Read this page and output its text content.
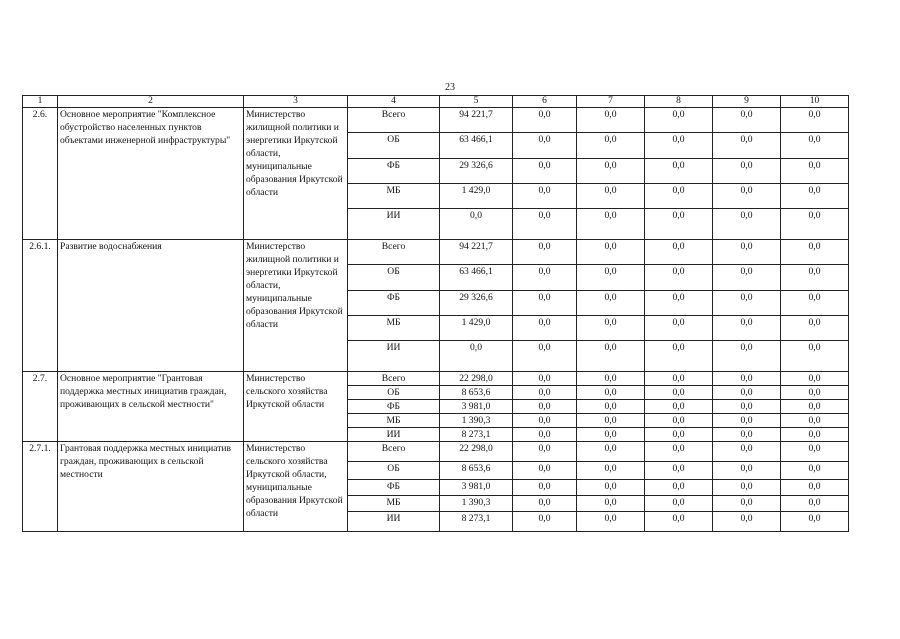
23
1	2	3	4	5	6	7	8	9	10
2.6.	Основное мероприятие "Комплексное обустройство населенных пунктов объектами инженерной инфраструктуры"	Министерство жилищной политики и энергетики Иркутской области, муниципальные образования Иркутской области	Всего	94 221,7	0,0	0,0	0,0	0,0	0,0
			ОБ	63 466,1	0,0	0,0	0,0	0,0	0,0
			ФБ	29 326,6	0,0	0,0	0,0	0,0	0,0
			МБ	1 429,0	0,0	0,0	0,0	0,0	0,0
			ИИ	0,0	0,0	0,0	0,0	0,0	0,0
2.6.1.	Развитие водоснабжения	Министерство жилищной политики и энергетики Иркутской области, муниципальные образования Иркутской области	Всего	94 221,7	0,0	0,0	0,0	0,0	0,0
			ОБ	63 466,1	0,0	0,0	0,0	0,0	0,0
			ФБ	29 326,6	0,0	0,0	0,0	0,0	0,0
			МБ	1 429,0	0,0	0,0	0,0	0,0	0,0
			ИИ	0,0	0,0	0,0	0,0	0,0	0,0
2.7.	Основное мероприятие "Грантовая поддержка местных инициатив граждан, проживающих в сельской местности"	Министерство сельского хозяйства Иркутской области	Всего	22 298,0	0,0	0,0	0,0	0,0	0,0
			ОБ	8 653,6	0,0	0,0	0,0	0,0	0,0
			ФБ	3 981,0	0,0	0,0	0,0	0,0	0,0
			МБ	1 390,3	0,0	0,0	0,0	0,0	0,0
			ИИ	8 273,1	0,0	0,0	0,0	0,0	0,0
2.7.1.	Грантовая поддержка местных инициатив граждан, проживающих в сельской местности	Министерство сельского хозяйства Иркутской области, муниципальные образования Иркутской области	Всего	22 298,0	0,0	0,0	0,0	0,0	0,0
			ОБ	8 653,6	0,0	0,0	0,0	0,0	0,0
			ФБ	3 981,0	0,0	0,0	0,0	0,0	0,0
			МБ	1 390,3	0,0	0,0	0,0	0,0	0,0
			ИИ	8 273,1	0,0	0,0	0,0	0,0	0,0
